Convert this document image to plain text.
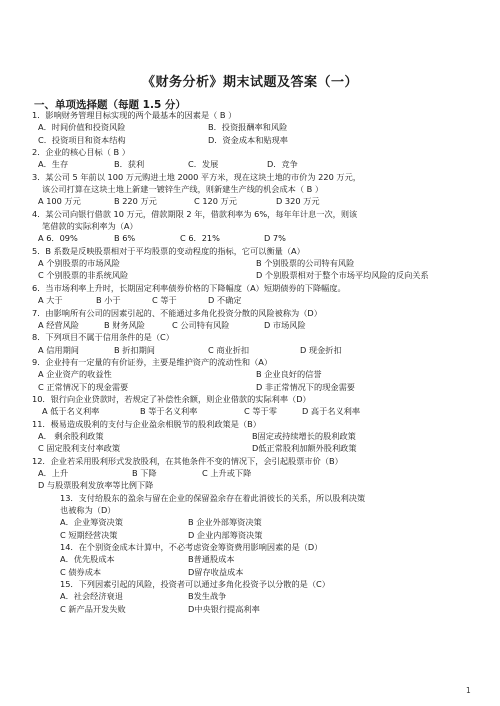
《财务分析》期末试题及答案（一）
一、单项选择题（每题 1.5 分）
1．影响财务管理目标实现的两个最基本的因素是（ B ）
A．时间价值和投资风险	B．投资报酬率和风险
C．投资项目和资本结构	D．资金成本和贴现率
2．企业的核心目标（ B ）
A．生存	B．获利	C．发展	D．竞争
3．某公司 5 年前以 100 万元购进土地 2000 平方米，现在这块土地的市价为 220 万元，
该公司打算在这块土地上新建一镀锌生产线，则新建生产线的机会成本（ B ）
A 100 万元	B 220 万元	C 120 万元	D 320 万元
4．某公司向银行借款 10 万元，借款期限 2 年，借款利率为 6%，每年年计息一次，则该
笔借款的实际利率为（A）
A 6．09%	B 6%	C 6．21%	D 7%
5．B 系数是反映股票相对于平均股票的变动程度的指标，它可以衡量（A）
A 个别股票的市场风险	B 个别股票的公司特有风险
C 个别股票的非系统风险	D 个别股票相对于整个市场平均风险的反向关系
6．当市场利率上升时，长期固定利率债券价格的下降幅度（A）短期债券的下降幅度。
A 大于	B 小于	C 等于	D 不确定
7．由影响所有公司的因素引起的、不能通过多角化投资分散的风险被称为（D）
A 经营风险	B 财务风险	C 公司特有风险	D 市场风险
8．下列项目不属于信用条件的是（C）
A 信用期间	B 折扣期间	C 商业折扣	D 现金折扣
9．企业持有一定量的有价证券，主要是维护资产的流动性和（A）
A 企业资产的收益性	B 企业良好的信誉
C 正常情况下的现金需要	D 非正常情况下的现金需要
10．银行向企业贷款时，若规定了补偿性余额，则企业借款的实际利率（D）
A 低于名义利率	B 等于名义利率	C 等于零	D 高于名义利率
11．极易造成股利的支付与企业盈余相脱节的股利政策是（B）
A． 剩余股利政策	B固定或持续增长的股利政策
C 固定股利支付率政策	D低正常股利加额外股利政策
12．企业若采用股利形式发放股利，在其他条件不变的情况下，会引起股票市价（B）
A．上升	B 下降	C 上升或下降
D 与股票股利发放率等比例下降
13．支付给股东的盈余与留在企业的保留盈余存在着此消彼长的关系，所以股利决策
也被称为（D）
A．企业筹资决策	B 企业外部筹资决策
C 短期经营决策	D 企业内部筹资决策
14．在个别资金成本计算中，不必考虑资金筹资费用影响因素的是（D）
A．优先股成本	B普通股成本
C 债券成本	D留存收益成本
15．下列因素引起的风险，投资者可以通过多角化投资予以分散的是（C）
A．社会经济衰退	B发生战争
C 新产品开发失败	D中央银行提高利率
1
